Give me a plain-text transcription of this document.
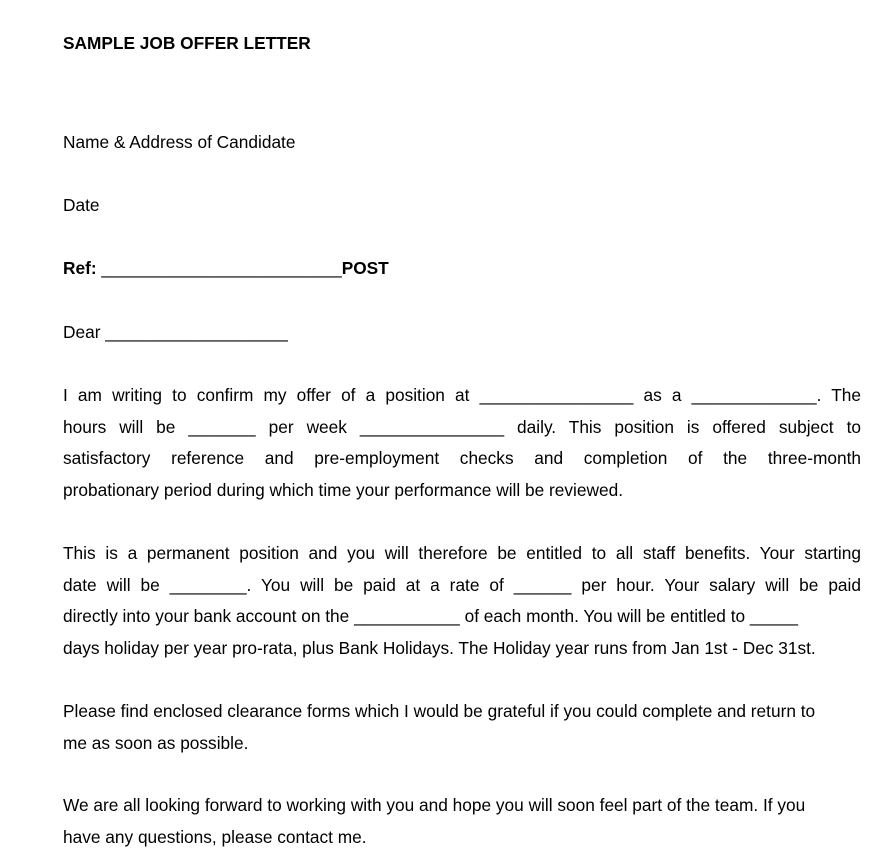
SAMPLE JOB OFFER LETTER
Name & Address of Candidate
Date
Ref: _________________________POST
Dear ___________________
I am writing to confirm my offer of a position at ________________ as a _____________. The
hours will be _______ per week _______________ daily. This position is offered subject to
satisfactory reference and pre-employment checks and completion of the three-month
probationary period during which time your performance will be reviewed.
This is a permanent position and you will therefore be entitled to all staff benefits. Your starting
date will be ________. You will be paid at a rate of ______ per hour. Your salary will be paid
directly into your bank account on the ___________ of each month. You will be entitled to _____
days holiday per year pro-rata, plus Bank Holidays. The Holiday year runs from Jan 1st - Dec 31st.
Please find enclosed clearance forms which I would be grateful if you could complete and return to
me as soon as possible.
We are all looking forward to working with you and hope you will soon feel part of the team. If you
have any questions, please contact me.
